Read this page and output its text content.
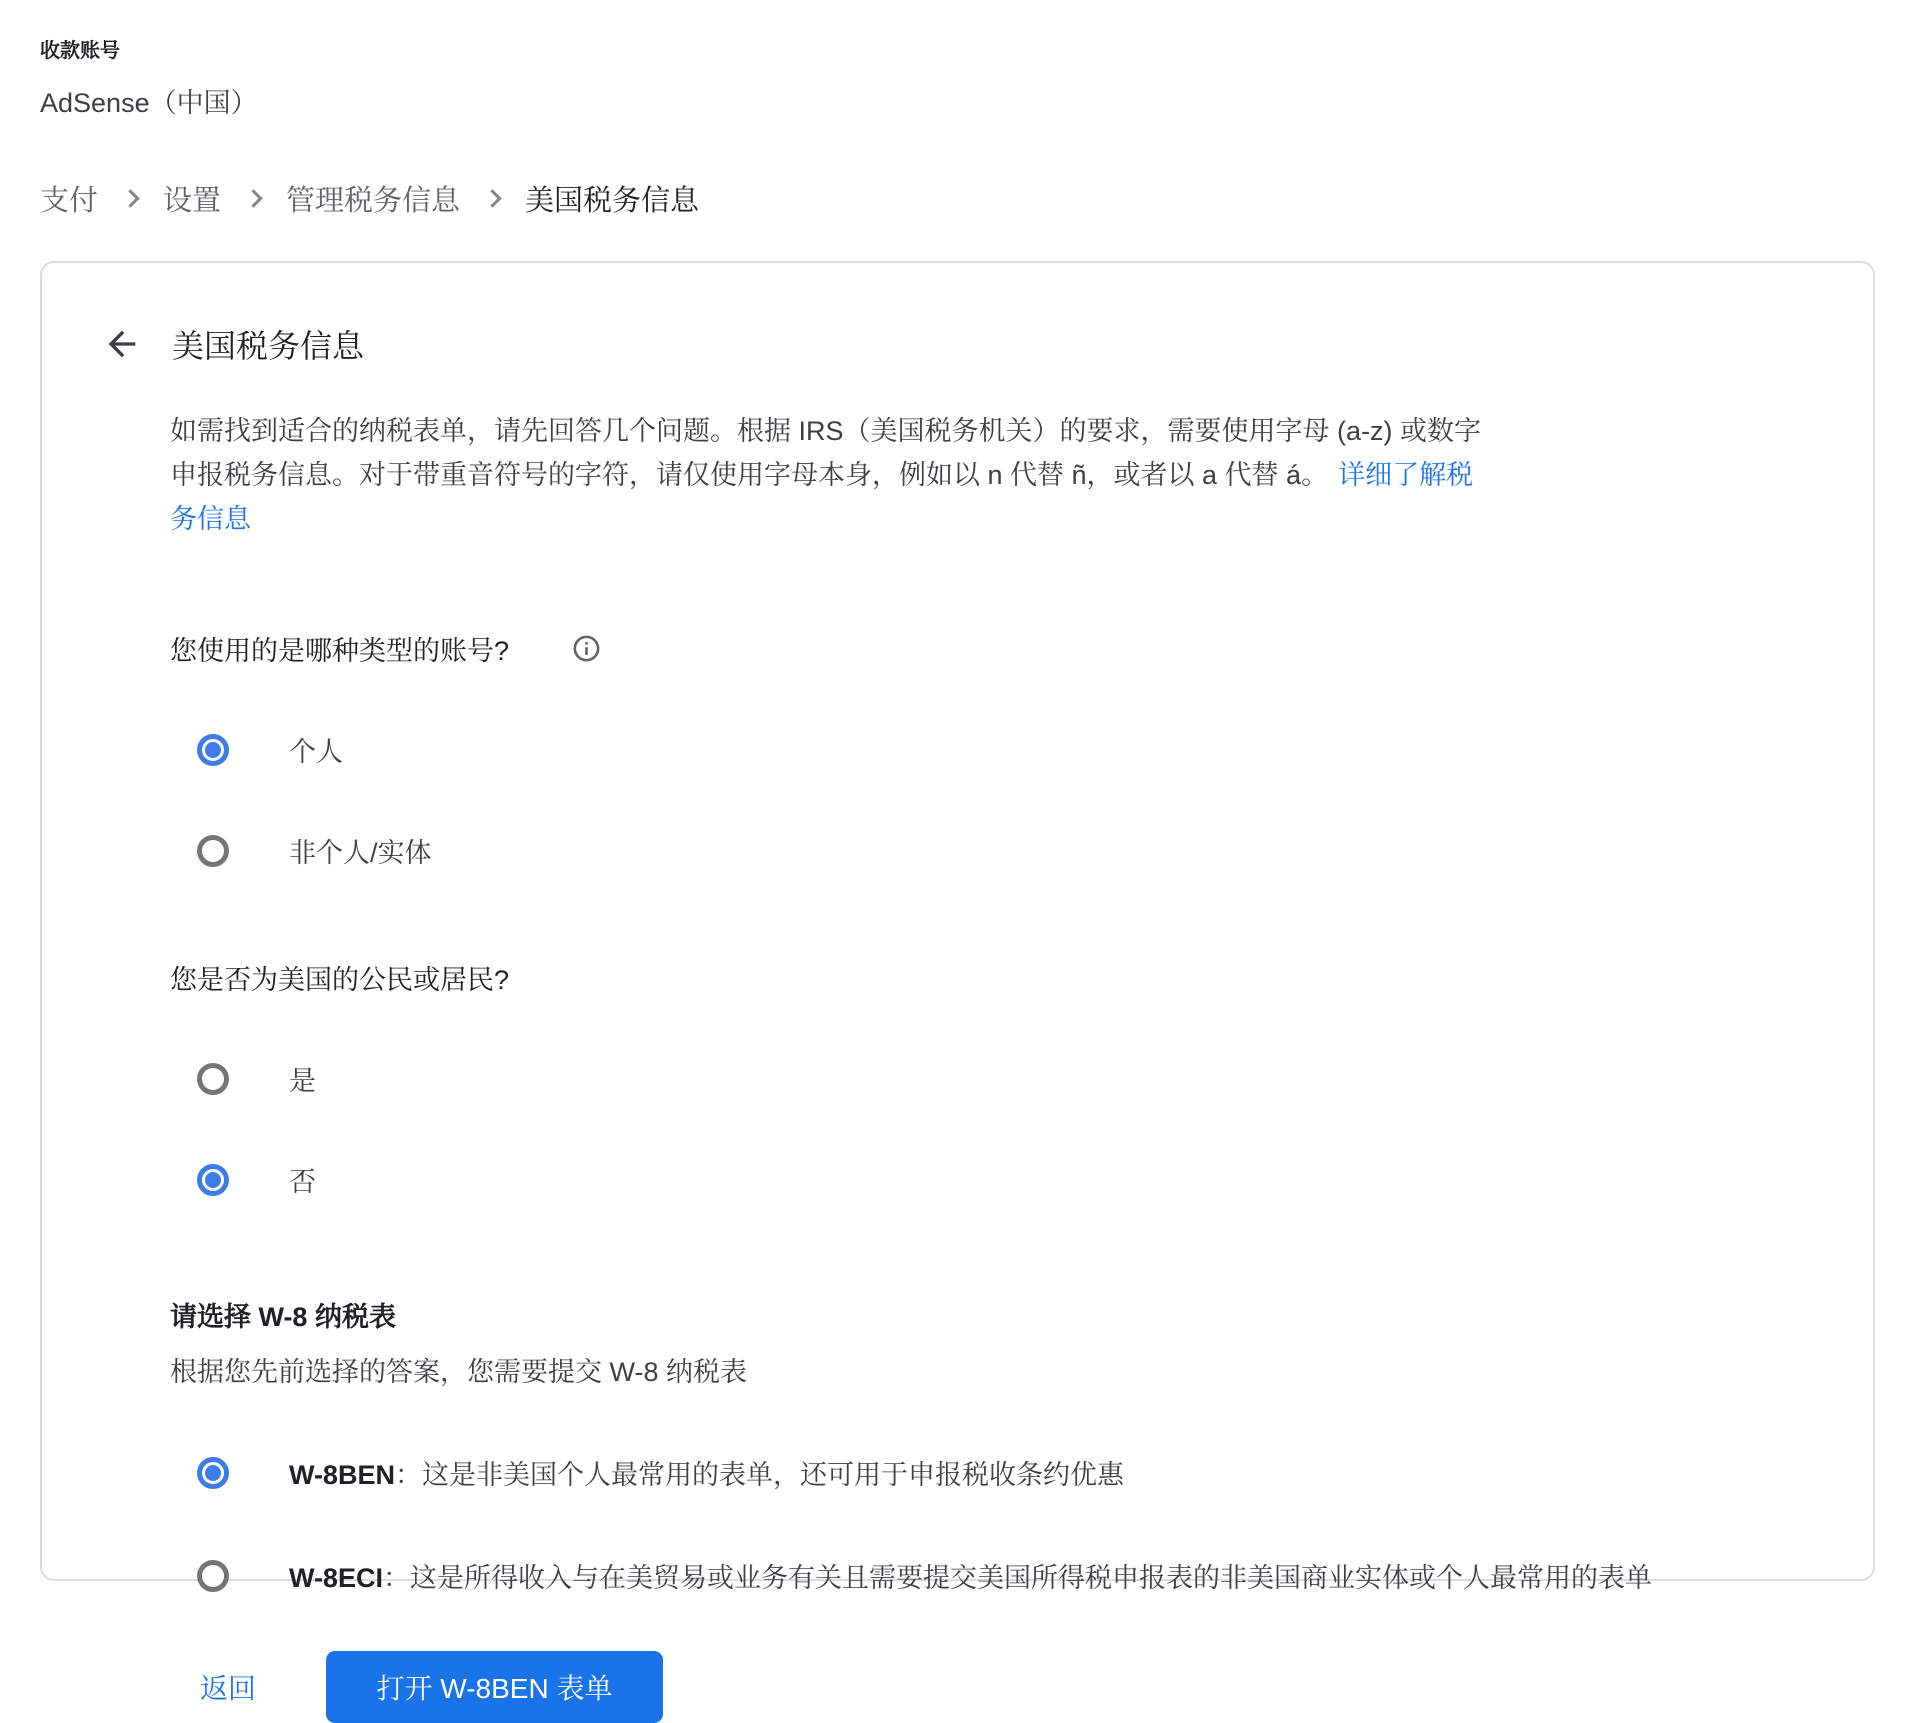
收款账号
AdSense（中国）
支付 设置 管理税务信息 美国税务信息
美国税务信息

如需找到适合的纳税表单，请先回答几个问题。根据 IRS（美国税务机关）的要求，需要使用字母 (a-z) 或数字申报税务信息。对于带重音符号的字符，请仅使用字母本身，例如以 n 代替 ñ，或者以 a 代替 á。 详细了解税务信息

您使用的是哪种类型的账号?
个人
非个人/实体
您是否为美国的公民或居民?
是
否
请选择 W-8 纳税表
根据您先前选择的答案，您需要提交 W-8 纳税表
W-8BEN：这是非美国个人最常用的表单，还可用于申报税收条约优惠
W-8ECI：这是所得收入与在美贸易或业务有关且需要提交美国所得税申报表的非美国商业实体或个人最常用的表单
返回	打开 W-8BEN 表单
